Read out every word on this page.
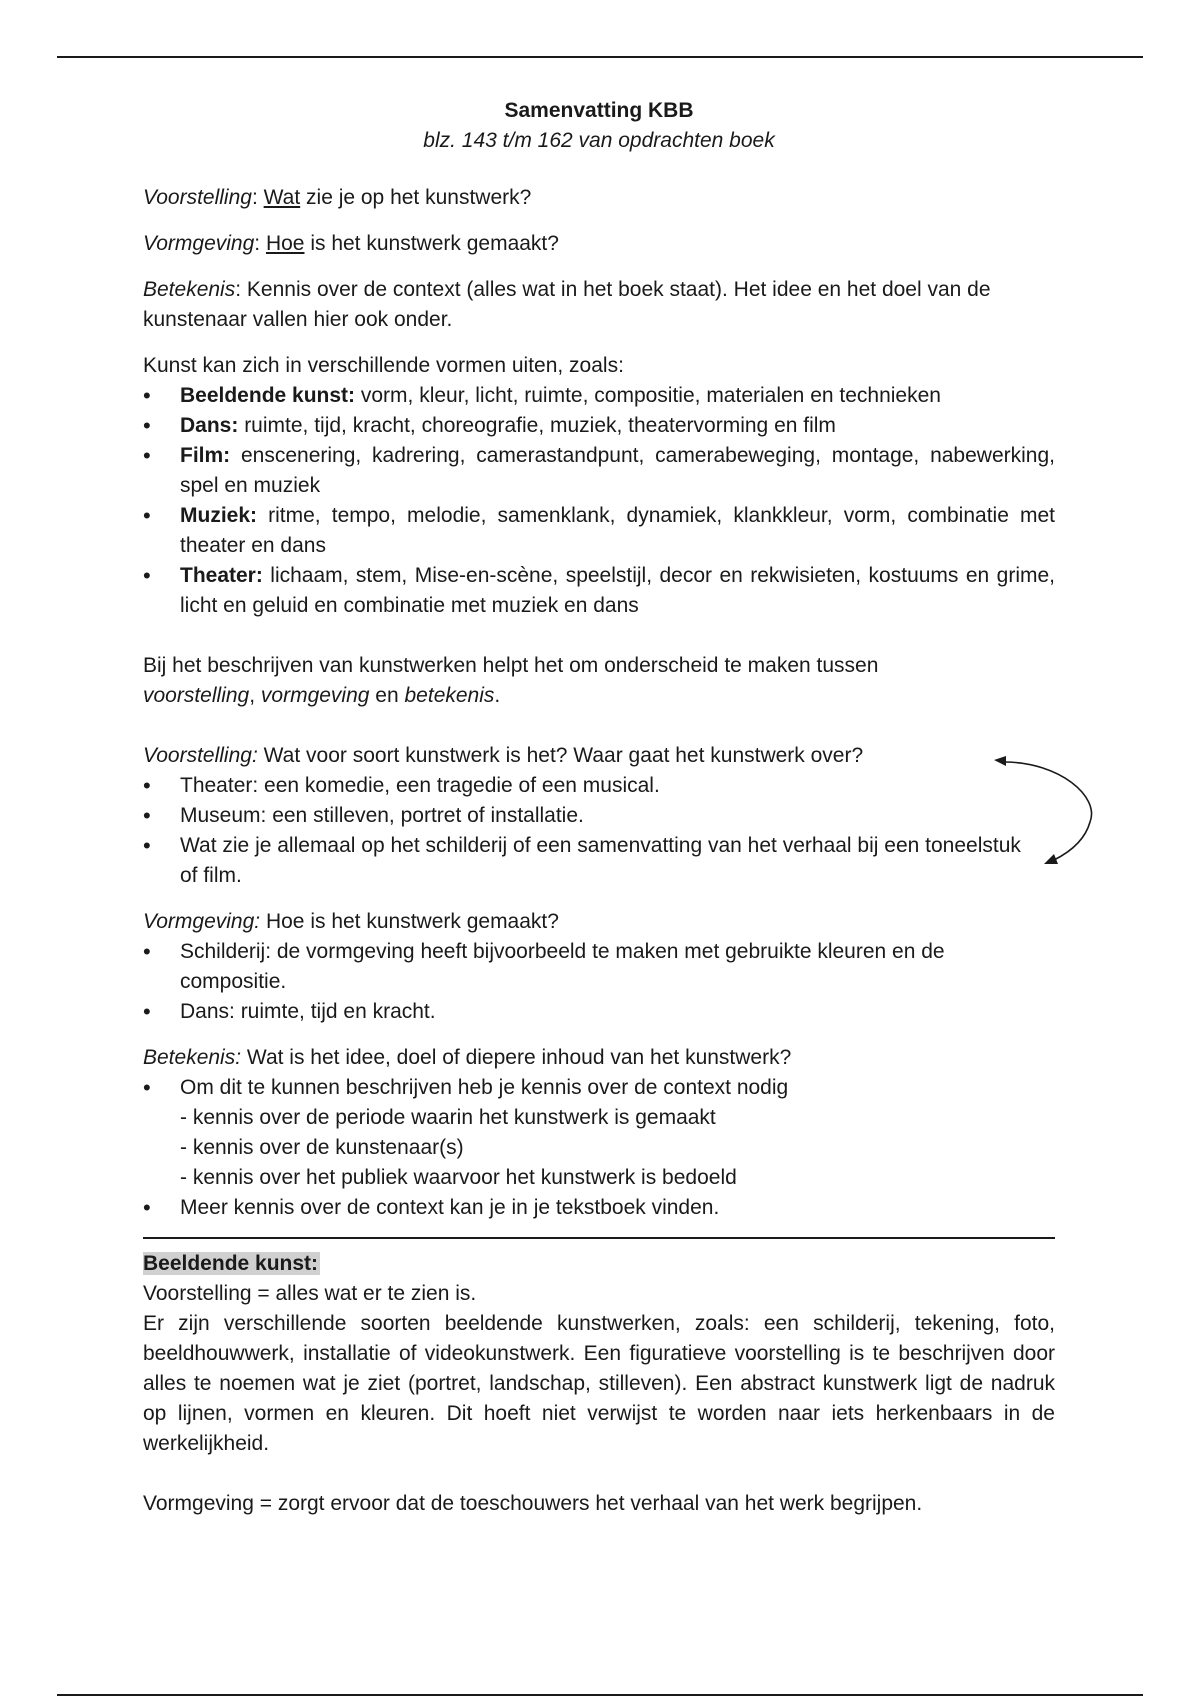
Samenvatting KBB

blz. 143 t/m 162 van opdrachten boek

Voorstelling: Wat zie je op het kunstwerk?

Vormgeving: Hoe is het kunstwerk gemaakt?

Betekenis: Kennis over de context (alles wat in het boek staat). Het idee en het doel van de kunstenaar vallen hier ook onder.

Kunst kan zich in verschillende vormen uiten, zoals:

• Beeldende kunst: vorm, kleur, licht, ruimte, compositie, materialen en technieken
• Dans: ruimte, tijd, kracht, choreografie, muziek, theatervorming en film
• Film: enscenering, kadrering, camerastandpunt, camerabeweging, montage, nabewerking, spel en muziek
• Muziek: ritme, tempo, melodie, samenklank, dynamiek, klankkleur, vorm, combinatie met theater en dans
• Theater: lichaam, stem, Mise-en-scène, speelstijl, decor en rekwisieten, kostuums en grime, licht en geluid en combinatie met muziek en dans

Bij het beschrijven van kunstwerken helpt het om onderscheid te maken tussen
voorstelling, vormgeving en betekenis.

Voorstelling: Wat voor soort kunstwerk is het? Waar gaat het kunstwerk over?

• Theater: een komedie, een tragedie of een musical.
• Museum: een stilleven, portret of installatie.
• Wat zie je allemaal op het schilderij of een samenvatting van het verhaal bij een toneelstuk of film.

Vormgeving: Hoe is het kunstwerk gemaakt?

• Schilderij: de vormgeving heeft bijvoorbeeld te maken met gebruikte kleuren en de compositie.
• Dans: ruimte, tijd en kracht.

Betekenis: Wat is het idee, doel of diepere inhoud van het kunstwerk?

• Om dit te kunnen beschrijven heb je kennis over de context nodig
- kennis over de periode waarin het kunstwerk is gemaakt
- kennis over de kunstenaar(s)
- kennis over het publiek waarvoor het kunstwerk is bedoeld
• Meer kennis over de context kan je in je tekstboek vinden.

Beeldende kunst:

Voorstelling = alles wat er te zien is.

Er zijn verschillende soorten beeldende kunstwerken, zoals: een schilderij, tekening, foto, beeldhouwwerk, installatie of videokunstwerk. Een figuratieve voorstelling is te beschrijven door alles te noemen wat je ziet (portret, landschap, stilleven). Een abstract kunstwerk ligt de nadruk op lijnen, vormen en kleuren. Dit hoeft niet verwijst te worden naar iets herkenbaars in de werkelijkheid.

Vormgeving = zorgt ervoor dat de toeschouwers het verhaal van het werk begrijpen.
